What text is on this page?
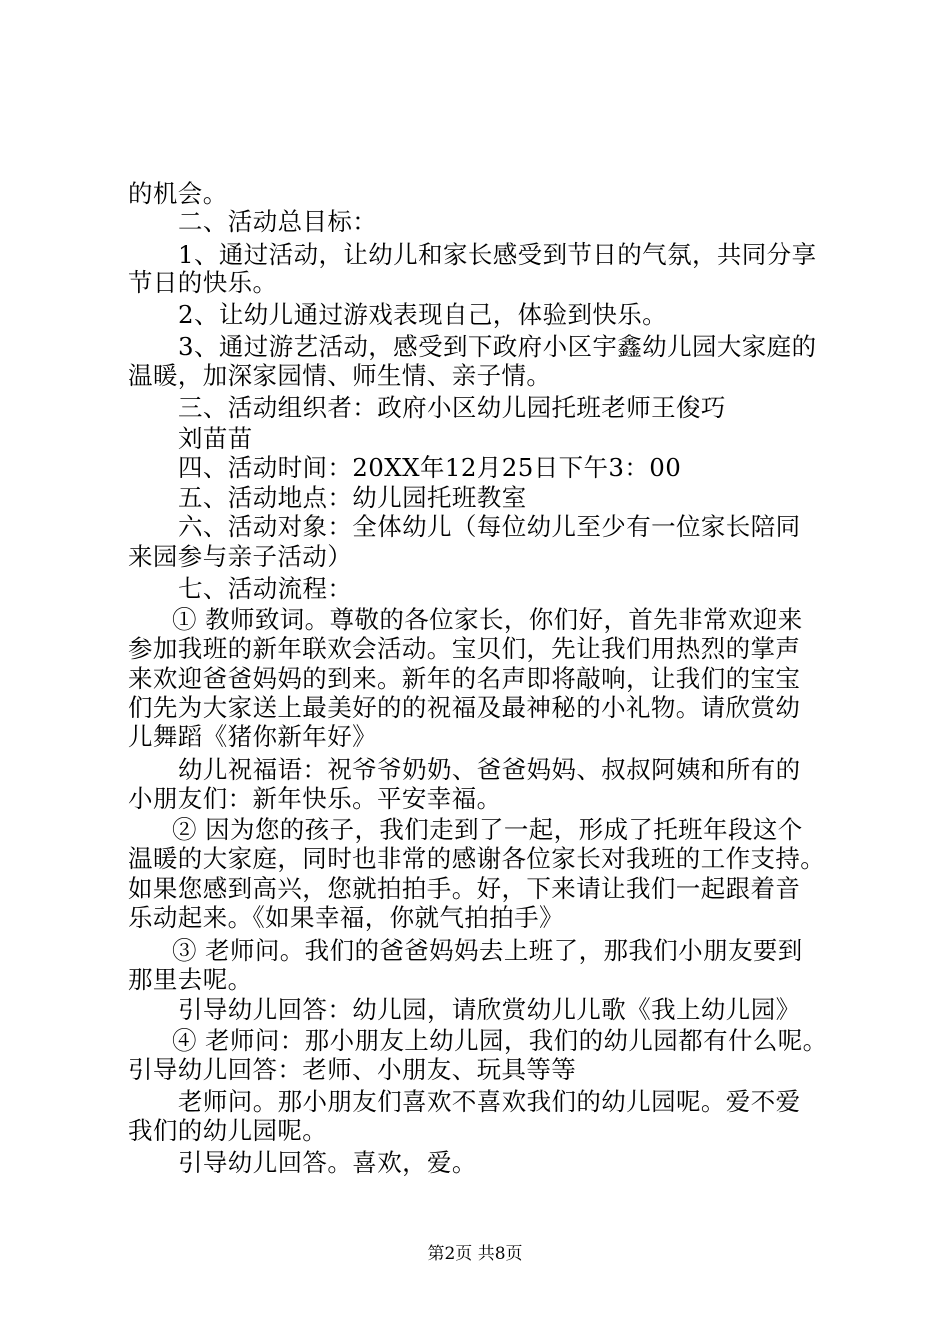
的机会。
二、活动总目标：
1、通过活动，让幼儿和家长感受到节日的气氛，共同分享
节日的快乐。
2、让幼儿通过游戏表现自己，体验到快乐。
3、通过游艺活动，感受到下政府小区宇鑫幼儿园大家庭的
温暖，加深家园情、师生情、亲子情。
三、活动组织者：政府小区幼儿园托班老师王俊巧
刘苗苗
四、活动时间：20XX年12月25日下午3：00
五、活动地点：幼儿园托班教室
六、活动对象：全体幼儿（每位幼儿至少有一位家长陪同
来园参与亲子活动）
七、活动流程：
① 教师致词。尊敬的各位家长，你们好，首先非常欢迎来
参加我班的新年联欢会活动。宝贝们，先让我们用热烈的掌声
来欢迎爸爸妈妈的到来。新年的名声即将敲响，让我们的宝宝
们先为大家送上最美好的的祝福及最神秘的小礼物。请欣赏幼
儿舞蹈《猪你新年好》
幼儿祝福语：祝爷爷奶奶、爸爸妈妈、叔叔阿姨和所有的
小朋友们：新年快乐。平安幸福。
② 因为您的孩子，我们走到了一起，形成了托班年段这个
温暖的大家庭，同时也非常的感谢各位家长对我班的工作支持。
如果您感到高兴，您就拍拍手。好，下来请让我们一起跟着音
乐动起来。《如果幸福，你就气拍拍手》
③ 老师问。我们的爸爸妈妈去上班了，那我们小朋友要到
那里去呢。
引导幼儿回答：幼儿园，请欣赏幼儿儿歌《我上幼儿园》
④ 老师问：那小朋友上幼儿园，我们的幼儿园都有什么呢。
引导幼儿回答：老师、小朋友、玩具等等
老师问。那小朋友们喜欢不喜欢我们的幼儿园呢。爱不爱
我们的幼儿园呢。
引导幼儿回答。喜欢，爱。
第2页 共8页
